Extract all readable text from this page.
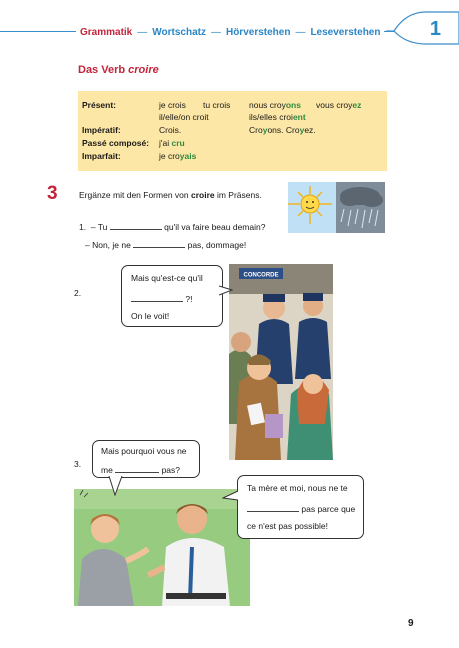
Grammatik — Wortschatz — Hörverstehen — Leseverstehen 1
Das Verb croire
Présent:	je crois tu crois nous croyons vous croyez
il/elle/on croit	ils/elles croient
Impératif:	Crois.	Croyons. Croyez.
Passé composé: j'ai cru
Imparfait:	je croyais
3	Ergänze mit den Formen von croire im Präsens.
1. – Tu	qu'il va faire beau demain?
– Non, je ne	pas, dommage!
2.
CONCORDE
Mais qu'est-ce qu'il
?!
On le voit!
3.
Mais pourquoi vous ne
me	pas?
Ta mère et moi, nous ne te
pas parce que
ce n'est pas possible!
9
